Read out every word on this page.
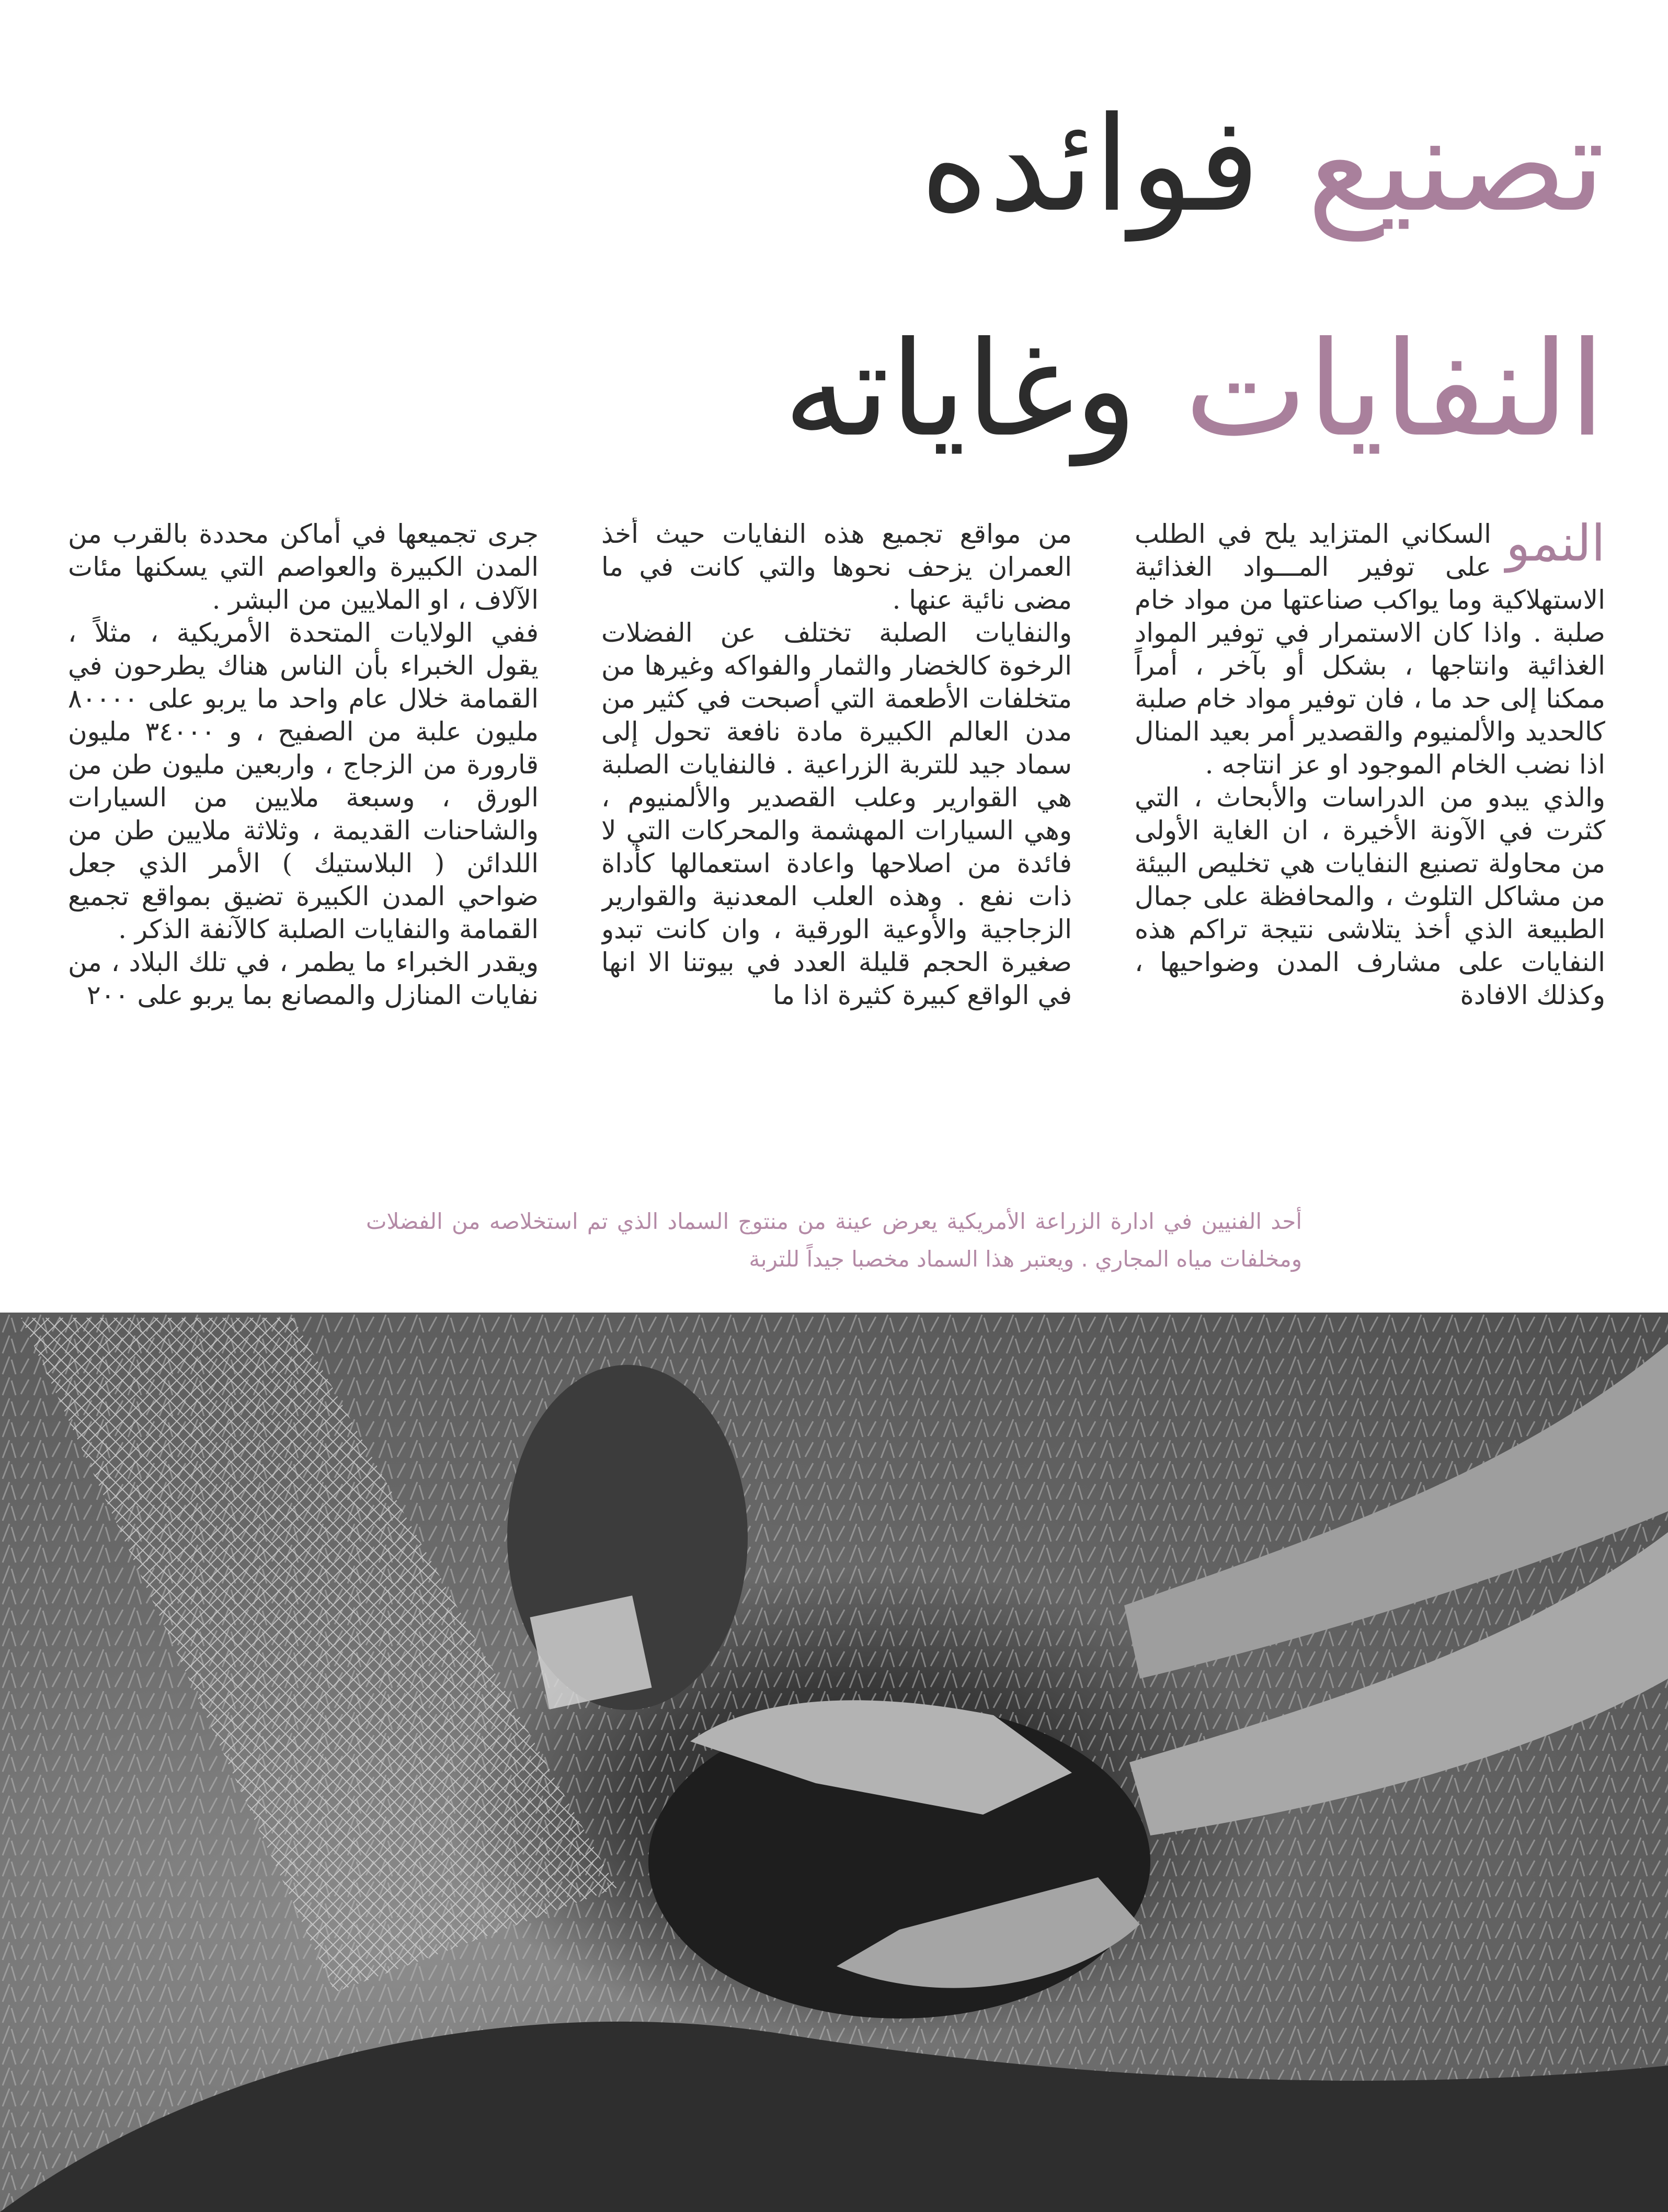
تصنيعفوائده
النفاياتوغاياته
النمو

السكاني المتزايد يلح في الطلب على توفير المـــواد الغذائية الاستهلاكية وما يواكب صناعتها من مواد خام صلبة . واذا كان الاستمرار في توفير المواد الغذائية وانتاجها ، بشكل أو بآخر ، أمراً ممكنا إلى حد ما ، فان توفير مواد خام صلبة كالحديد والألمنيوم والقصدير أمر بعيد المنال اذا نضب الخام الموجود او عز انتاجه .

والذي يبدو من الدراسات والأبحاث ، التي كثرت في الآونة الأخيرة ، ان الغاية الأولى من محاولة تصنيع النفايات هي تخليص البيئة من مشاكل التلوث ، والمحافظة على جمال الطبيعة الذي أخذ يتلاشى نتيجة تراكم هذه النفايات على مشارف المدن وضواحيها ، وكذلك الافادة

من مواقع تجميع هذه النفايات حيث أخذ العمران يزحف نحوها والتي كانت في ما مضى نائية عنها .

والنفايات الصلبة تختلف عن الفضلات الرخوة كالخضار والثمار والفواكه وغيرها من متخلفات الأطعمة التي أصبحت في كثير من مدن العالم الكبيرة مادة نافعة تحول إلى سماد جيد للتربة الزراعية . فالنفايات الصلبة هي القوارير وعلب القصدير والألمنيوم ، وهي السيارات المهشمة والمحركات التي لا فائدة من اصلاحها واعادة استعمالها كأداة ذات نفع . وهذه العلب المعدنية والقوارير الزجاجية والأوعية الورقية ، وان كانت تبدو صغيرة الحجم قليلة العدد في بيوتنا الا انها في الواقع كبيرة كثيرة اذا ما

جرى تجميعها في أماكن محددة بالقرب من المدن الكبيرة والعواصم التي يسكنها مئات الآلاف ، او الملايين من البشر .

ففي الولايات المتحدة الأمريكية ، مثلاً ، يقول الخبراء بأن الناس هناك يطرحون في القمامة خلال عام واحد ما يربو على ٨٠٠٠٠ مليون علبة من الصفيح ، و ٣٤٠٠٠ مليون قارورة من الزجاج ، واربعين مليون طن من الورق ، وسبعة ملايين من السيارات والشاحنات القديمة ، وثلاثة ملايين طن من اللدائن ( البلاستيك ) الأمر الذي جعل ضواحي المدن الكبيرة تضيق بمواقع تجميع القمامة والنفايات الصلبة كالآنفة الذكر .

ويقدر الخبراء ما يطمر ، في تلك البلاد ، من نفايات المنازل والمصانع بما يربو على ٢٠٠

أحد الفنيين في ادارة الزراعة الأمريكية يعرض عينة من منتوج السماد الذي تم استخلاصه من الفضلات ومخلفات مياه المجاري . ويعتبر هذا السماد مخصبا جيداً للتربة
